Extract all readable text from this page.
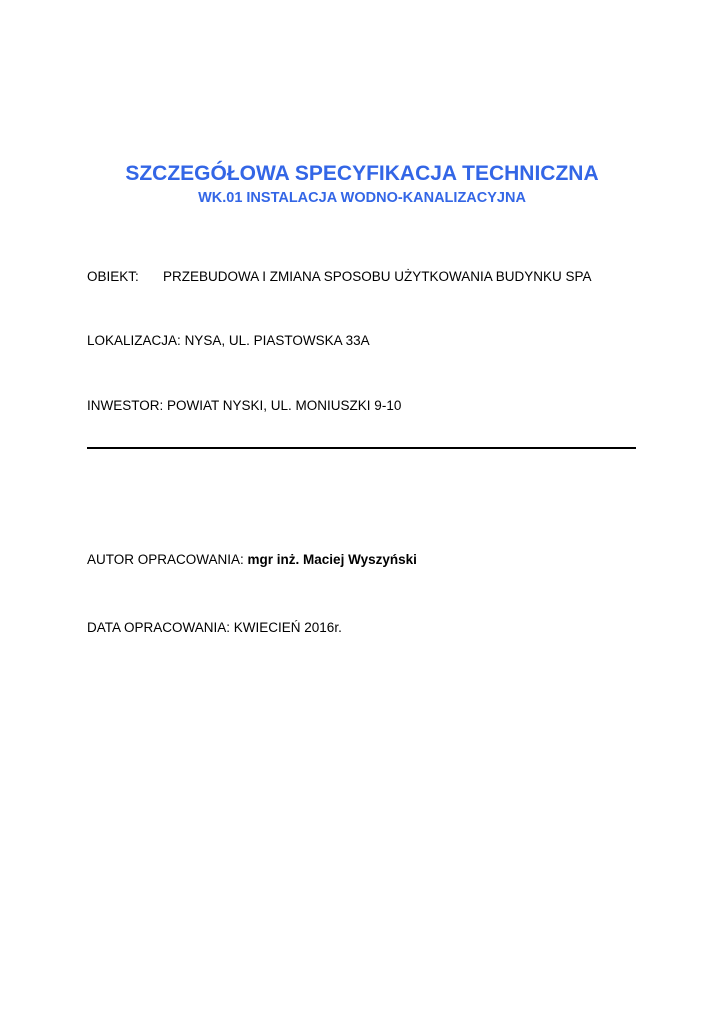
SZCZEGÓŁOWA SPECYFIKACJA TECHNICZNA
WK.01 INSTALACJA WODNO-KANALIZACYJNA
OBIEKT: PRZEBUDOWA I ZMIANA SPOSOBU UŻYTKOWANIA BUDYNKU SPA
LOKALIZACJA: NYSA, UL. PIASTOWSKA 33A
INWESTOR: POWIAT NYSKI, UL. MONIUSZKI 9-10
AUTOR OPRACOWANIA: mgr inż. Maciej Wyszyński
DATA OPRACOWANIA: KWIECIEŃ 2016r.
